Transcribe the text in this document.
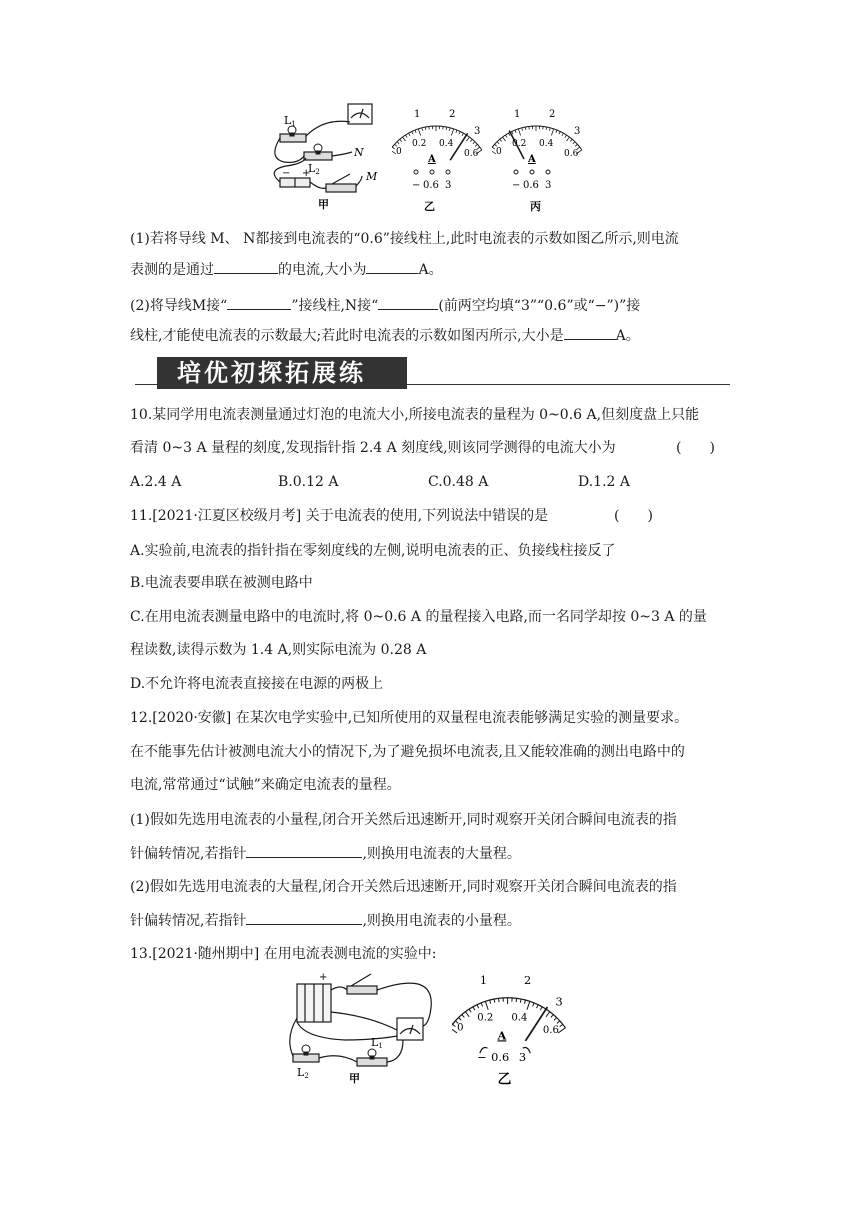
L1
L2
N
M
− +
甲
1	2
3
0
0.2 0.4
0.6
A
− 0.6 3
乙
1	2
3
0
0.2 0.4
0.6
A
− 0.6 3
丙
(1)若将导线 M、 N都接到电流表的“0.6”接线柱上,此时电流表的示数如图乙所示,则电流
表测的是通过	的电流,大小为	A。
(2)将导线M接“	”接线柱,N接“	(前两空均填“3”“0.6”或“−”)”接
线柱,才能使电流表的示数最大;若此时电流表的示数如图丙所示,大小是	A。
培优初探拓展练
10.某同学用电流表测量通过灯泡的电流大小,所接电流表的量程为 0~0.6 A,但刻度盘上只能
看清 0~3 A 量程的刻度,发现指针指 2.4 A 刻度线,则该同学测得的电流大小为	(　　)
A.2.4 A	B.0.12 A	C.0.48 A	D.1.2 A
11.[2021·江夏区校级月考] 关于电流表的使用,下列说法中错误的是	(　　)
A.实验前,电流表的指针指在零刻度线的左侧,说明电流表的正、负接线柱接反了
B.电流表要串联在被测电路中
C.在用电流表测量电路中的电流时,将 0~0.6 A 的量程接入电路,而一名同学却按 0~3 A 的量
程读数,读得示数为 1.4 A,则实际电流为 0.28 A
D.不允许将电流表直接接在电源的两极上
12.[2020·安徽] 在某次电学实验中,已知所使用的双量程电流表能够满足实验的测量要求。
在不能事先估计被测电流大小的情况下,为了避免损坏电流表,且又能较准确的测出电路中的
电流,常常通过“试触”来确定电流表的量程。
(1)假如先选用电流表的小量程,闭合开关然后迅速断开,同时观察开关闭合瞬间电流表的指
针偏转情况,若指针	,则换用电流表的大量程。
(2)假如先选用电流表的大量程,闭合开关然后迅速断开,同时观察开关闭合瞬间电流表的指
针偏转情况,若指针	,则换用电流表的小量程。
13.[2021·随州期中] 在用电流表测电流的实验中:
+
L2
L1
甲
1	2
3
0
0.2 0.4
0.6
A
− 0.6 3
乙
